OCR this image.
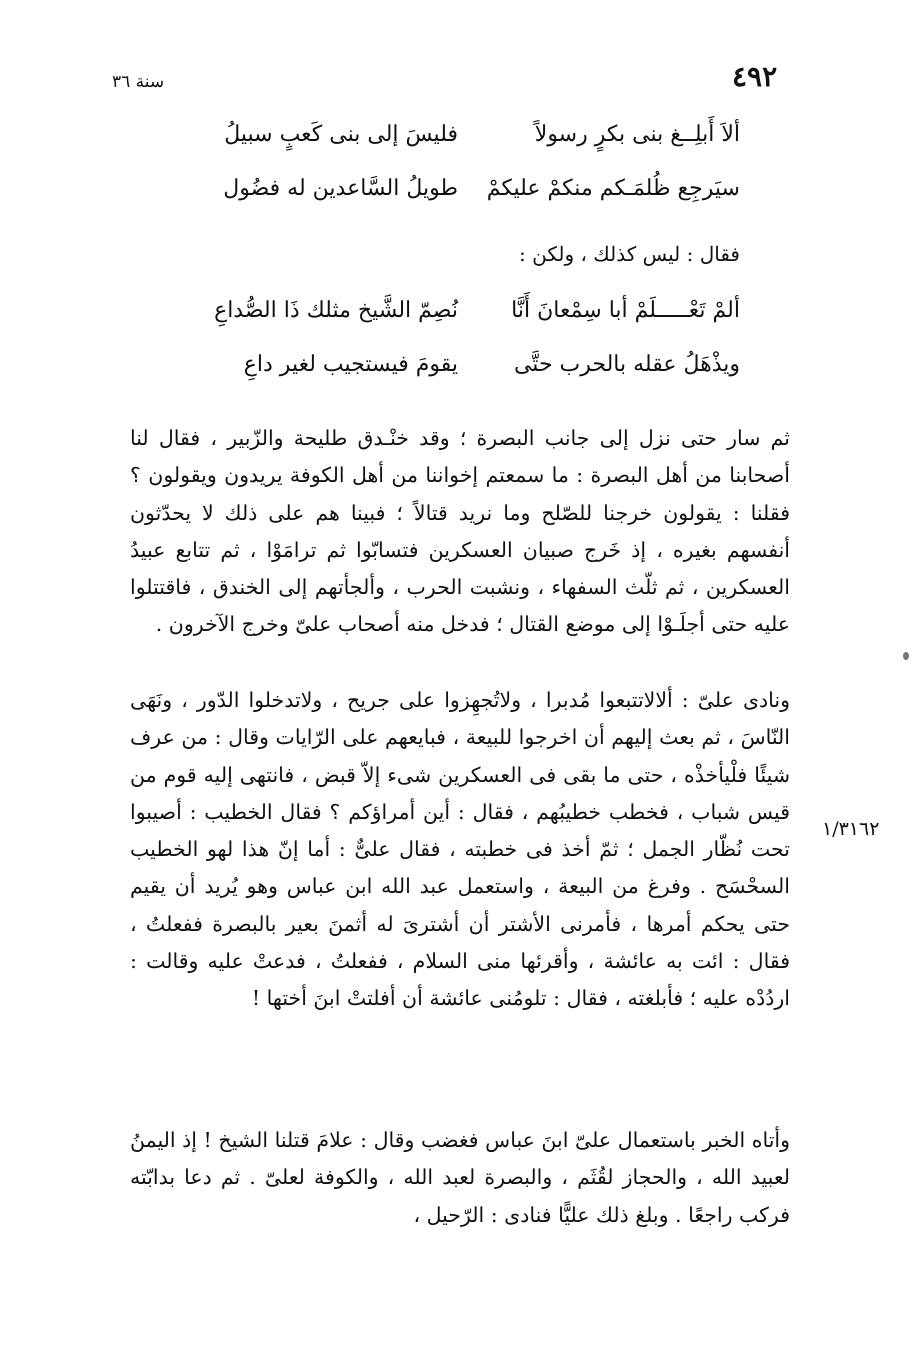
٤٩٢
سنة ٣٦
ألاَ أَبلِــغ بنى بكرٍ رسولاً
فليسَ إلى بنى كَعبٍ سبيلُ
سيَرجِع ظُلمَـكم منكمْ عليكمْ
طويلُ السَّاعدين له فضُول
فقال : ليس كذلك ، ولكن :
ألمْ تَعْـــــلَمْ أبا سِمْعانَ أَنَّا
نُصِمّ الشَّيخ مثلك ذَا الصُّداعِ
ويذْهَلُ عقله بالحرب حتَّى
يقومَ فيستجيب لغير داعِ
ثم سار حتى نزل إلى جانب البصرة ؛ وقد خنْـدق طليحة والزّبير ، فقال لنا أصحابنا من أهل البصرة : ما سمعتم إخواننا من أهل الكوفة يريدون ويقولون ؟ فقلنا : يقولون خرجنا للصّلح وما نريد قتالاً ؛ فبينا هم على ذلك لا يحدّثون أنفسهم بغيره ، إذ خَرج صبيان العسكرين فتسابّوا ثم ترامَوْا ، ثم تتابع عبيدُ العسكرين ، ثم ثلّث السفهاء ، ونشبت الحرب ، وألجأتهم إلى الخندق ، فاقتتلوا عليه حتى أجلَـوْا إلى موضع القتال ؛ فدخل منه أصحاب علىّ وخرج الآخرون .
ونادى علىّ : ألالاتتبعوا مُدبرا ، ولاتُجهِزوا على جريح ، ولاتدخلوا الدّور ، ونَهَى النّاسَ ، ثم بعث إليهم أن اخرجوا للبيعة ، فبايعهم على الرّايات وقال : من عرف شيئًا فلْيأخذْه ، حتى ما بقى فى العسكرين شىء إلاّ قبض ، فانتهى إليه قوم من قيس شباب ، فخطب خطيبُهم ، فقال : أين أمراؤكم ؟ فقال الخطيب : أصيبوا تحت نُظّار الجمل ؛ ثمّ أخذ فى خطبته ، فقال علىٌّ : أما إنّ هذا لهو الخطيب السحْسَح . وفرغ من البيعة ، واستعمل عبد الله ابن عباس وهو يُريد أن يقيم حتى يحكم أمرها ، فأمرنى الأشتر أن أشترىَ له أثمنَ بعير بالبصرة ففعلتُ ، فقال : ائت به عائشة ، وأقرئها منى السلام ، ففعلتُ ، فدعتْ عليه وقالت : اردُدْه عليه ؛ فأبلغته ، فقال : تلومُنى عائشة أن أفلتتْ ابنَ أختها !
وأتاه الخبر باستعمال علىّ ابنَ عباس فغضب وقال : علامَ قتلنا الشيخ ! إذ اليمنُ لعبيد الله ، والحجاز لقُثَم ، والبصرة لعبد الله ، والكوفة لعلىّ . ثم دعا بدابّته فركب راجعًا . وبلغ ذلك عليًّا فنادى : الرّحيل ،
١/٣١٦٢
